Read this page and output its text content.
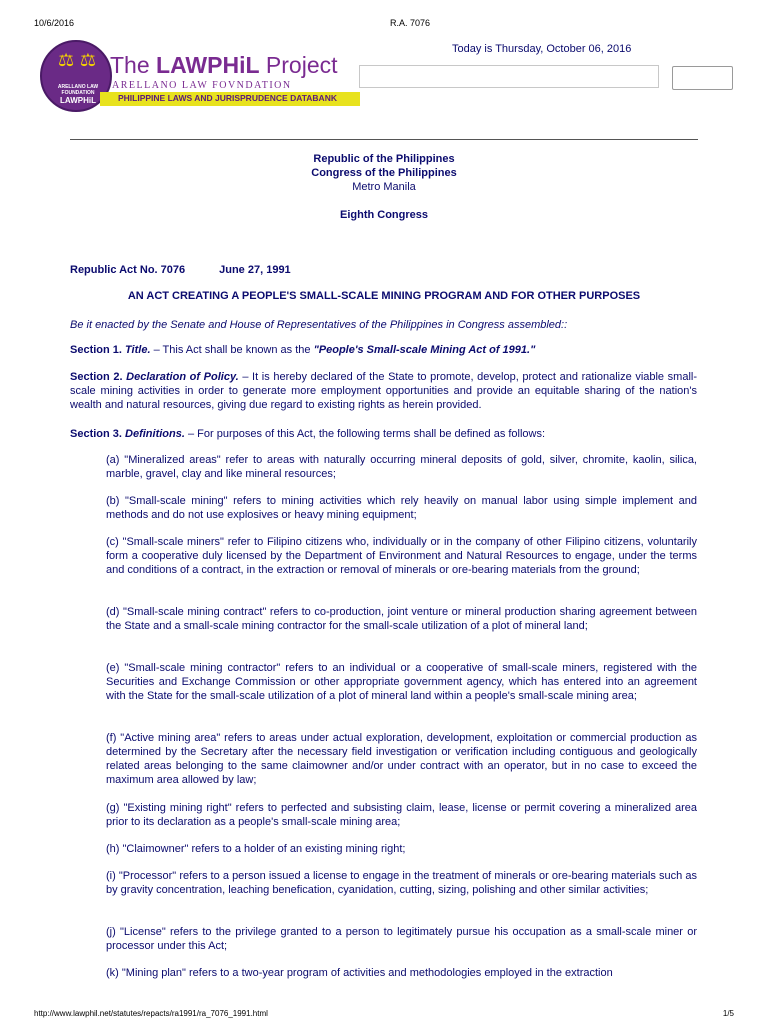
10/6/2016	R.A. 7076
⚖ ⚖
ARELLANO LAW FOUNDATION
LAWPHiL
The LAWPHiL Project
ARELLANO LAW FOVNDATION
PHILIPPINE LAWS AND JURISPRUDENCE DATABANK
Today is Thursday, October 06, 2016
Republic of the Philippines
Congress of the Philippines
Metro Manila
Eighth Congress
Republic Act No. 7076	June 27, 1991
AN ACT CREATING A PEOPLE'S SMALL-SCALE MINING PROGRAM AND FOR OTHER PURPOSES
Be it enacted by the Senate and House of Representatives of the Philippines in Congress assembled::
Section 1. Title. – This Act shall be known as the "People's Small-scale Mining Act of 1991."
Section 2. Declaration of Policy. – It is hereby declared of the State to promote, develop, protect and rationalize viable small-scale mining activities in order to generate more employment opportunities and provide an equitable sharing of the nation's wealth and natural resources, giving due regard to existing rights as herein provided.
Section 3. Definitions. – For purposes of this Act, the following terms shall be defined as follows:
(a) "Mineralized areas" refer to areas with naturally occurring mineral deposits of gold, silver, chromite, kaolin, silica, marble, gravel, clay and like mineral resources;
(b) "Small-scale mining" refers to mining activities which rely heavily on manual labor using simple implement and methods and do not use explosives or heavy mining equipment;
(c) "Small-scale miners" refer to Filipino citizens who, individually or in the company of other Filipino citizens, voluntarily form a cooperative duly licensed by the Department of Environment and Natural Resources to engage, under the terms and conditions of a contract, in the extraction or removal of minerals or ore-bearing materials from the ground;
(d) "Small-scale mining contract" refers to co-production, joint venture or mineral production sharing agreement between the State and a small-scale mining contractor for the small-scale utilization of a plot of mineral land;
(e) "Small-scale mining contractor" refers to an individual or a cooperative of small-scale miners, registered with the Securities and Exchange Commission or other appropriate government agency, which has entered into an agreement with the State for the small-scale utilization of a plot of mineral land within a people's small-scale mining area;
(f) "Active mining area" refers to areas under actual exploration, development, exploitation or commercial production as determined by the Secretary after the necessary field investigation or verification including contiguous and geologically related areas belonging to the same claimowner and/or under contract with an operator, but in no case to exceed the maximum area allowed by law;
(g) "Existing mining right" refers to perfected and subsisting claim, lease, license or permit covering a mineralized area prior to its declaration as a people's small-scale mining area;
(h) "Claimowner" refers to a holder of an existing mining right;
(i) "Processor" refers to a person issued a license to engage in the treatment of minerals or ore-bearing materials such as by gravity concentration, leaching benefication, cyanidation, cutting, sizing, polishing and other similar activities;
(j) "License" refers to the privilege granted to a person to legitimately pursue his occupation as a small-scale miner or processor under this Act;
(k) "Mining plan" refers to a two-year program of activities and methodologies employed in the extraction
http://www.lawphil.net/statutes/repacts/ra1991/ra_7076_1991.html	1/5
